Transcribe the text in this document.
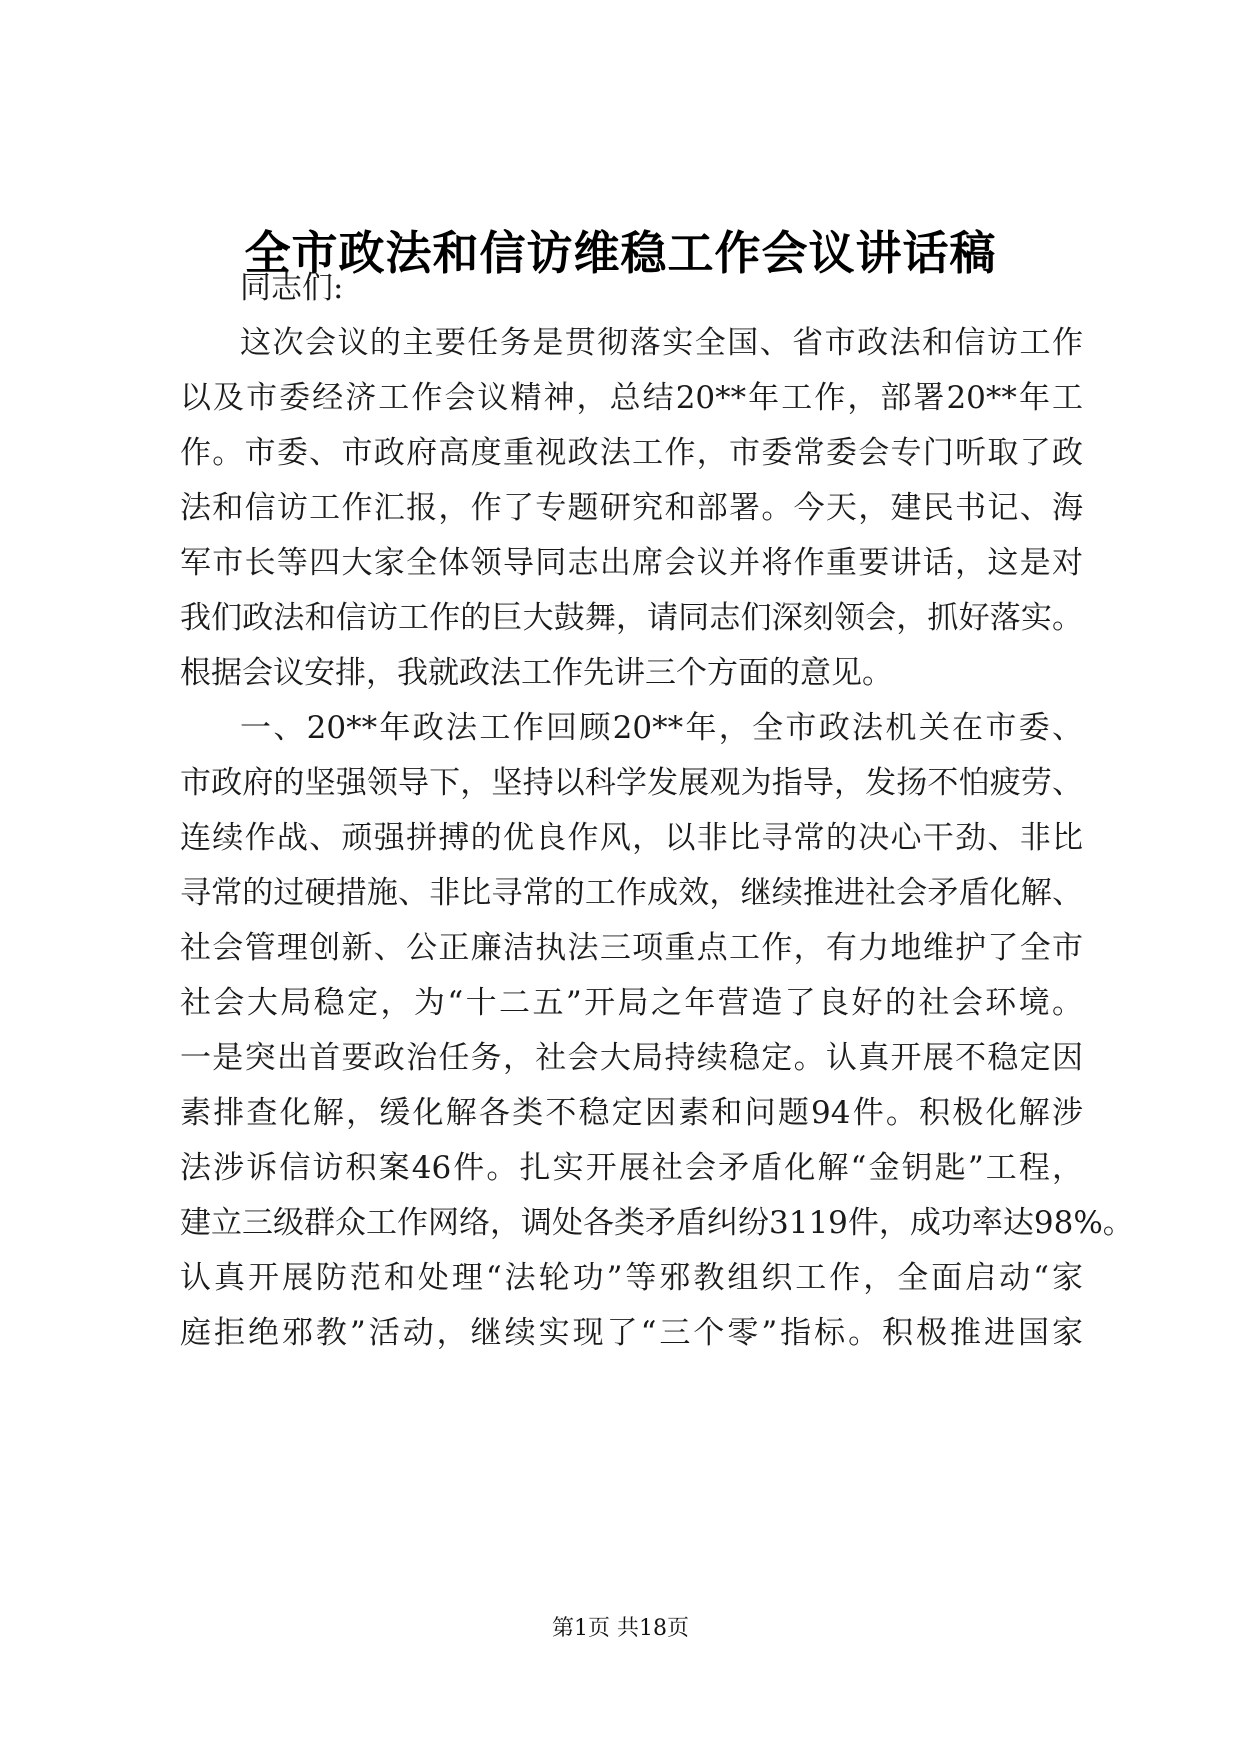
全市政法和信访维稳工作会议讲话稿
同志们:
这次会议的主要任务是贯彻落实全国、省市政法和信访工作
以及市委经济工作会议精神，总结20**年工作，部署20**年工
作。市委、市政府高度重视政法工作，市委常委会专门听取了政
法和信访工作汇报，作了专题研究和部署。今天，建民书记、海
军市长等四大家全体领导同志出席会议并将作重要讲话，这是对
我们政法和信访工作的巨大鼓舞，请同志们深刻领会，抓好落实。
根据会议安排，我就政法工作先讲三个方面的意见。
一、20**年政法工作回顾20**年，全市政法机关在市委、
市政府的坚强领导下，坚持以科学发展观为指导，发扬不怕疲劳、
连续作战、顽强拼搏的优良作风，以非比寻常的决心干劲、非比
寻常的过硬措施、非比寻常的工作成效，继续推进社会矛盾化解、
社会管理创新、公正廉洁执法三项重点工作，有力地维护了全市
社会大局稳定，为“十二五”开局之年营造了良好的社会环境。
一是突出首要政治任务，社会大局持续稳定。认真开展不稳定因
素排查化解，缓化解各类不稳定因素和问题94件。积极化解涉
法涉诉信访积案46件。扎实开展社会矛盾化解“金钥匙”工程，
建立三级群众工作网络，调处各类矛盾纠纷3119件，成功率达98%。
认真开展防范和处理“法轮功”等邪教组织工作，全面启动“家
庭拒绝邪教”活动，继续实现了“三个零”指标。积极推进国家
第1页 共18页
